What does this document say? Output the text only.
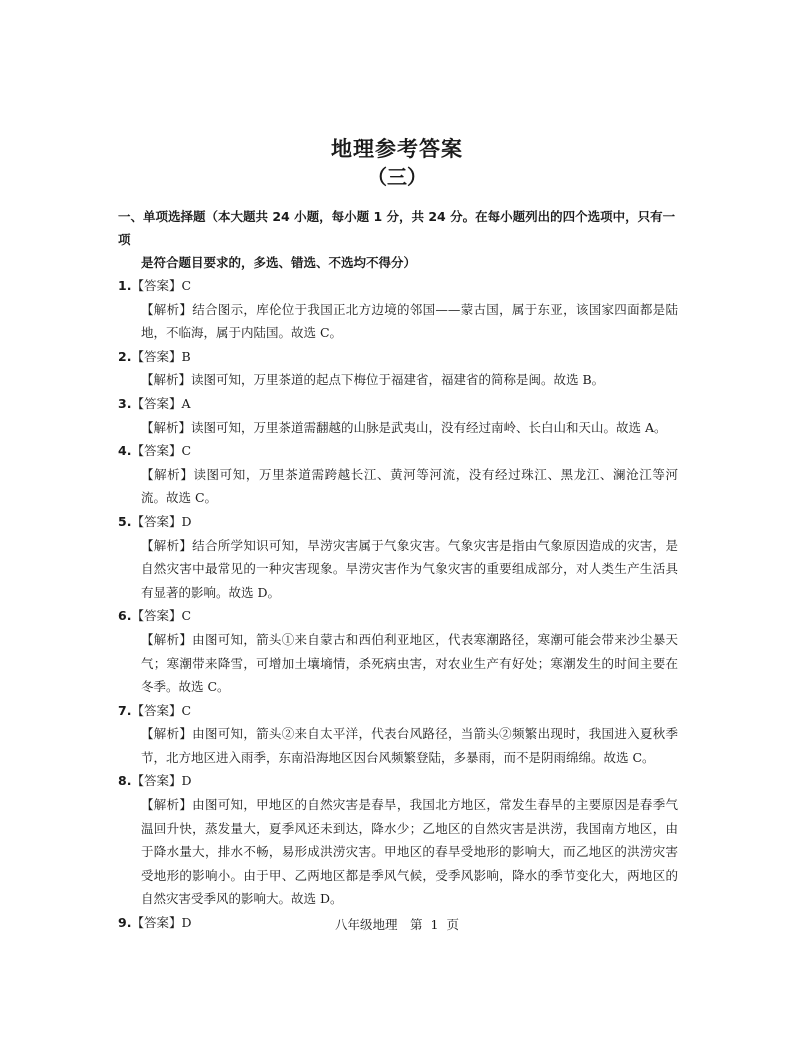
地理参考答案
（三）
一、单项选择题（本大题共 24 小题，每小题 1 分，共 24 分。在每小题列出的四个选项中，只有一项
是符合题目要求的，多选、错选、不选均不得分）
1.【答案】C
【解析】结合图示，库伦位于我国正北方边境的邻国——蒙古国，属于东亚，该国家四面都是陆地，不临海，属于内陆国。故选 C。
2.【答案】B
【解析】读图可知，万里茶道的起点下梅位于福建省，福建省的简称是闽。故选 B。
3.【答案】A
【解析】读图可知，万里茶道需翻越的山脉是武夷山，没有经过南岭、长白山和天山。故选 A。
4.【答案】C
【解析】读图可知，万里茶道需跨越长江、黄河等河流，没有经过珠江、黑龙江、澜沧江等河流。故选 C。
5.【答案】D
【解析】结合所学知识可知，旱涝灾害属于气象灾害。气象灾害是指由气象原因造成的灾害，是自然灾害中最常见的一种灾害现象。旱涝灾害作为气象灾害的重要组成部分，对人类生产生活具有显著的影响。故选 D。
6.【答案】C
【解析】由图可知，箭头①来自蒙古和西伯利亚地区，代表寒潮路径，寒潮可能会带来沙尘暴天气；寒潮带来降雪，可增加土壤墒情，杀死病虫害，对农业生产有好处；寒潮发生的时间主要在冬季。故选 C。
7.【答案】C
【解析】由图可知，箭头②来自太平洋，代表台风路径，当箭头②频繁出现时，我国进入夏秋季节，北方地区进入雨季，东南沿海地区因台风频繁登陆，多暴雨，而不是阴雨绵绵。故选 C。
8.【答案】D
【解析】由图可知，甲地区的自然灾害是春旱，我国北方地区，常发生春旱的主要原因是春季气温回升快，蒸发量大，夏季风还未到达，降水少；乙地区的自然灾害是洪涝，我国南方地区，由于降水量大，排水不畅，易形成洪涝灾害。甲地区的春旱受地形的影响大，而乙地区的洪涝灾害受地形的影响小。由于甲、乙两地区都是季风气候，受季风影响，降水的季节变化大，两地区的自然灾害受季风的影响大。故选 D。
9.【答案】D	八年级地理　第 1 页
